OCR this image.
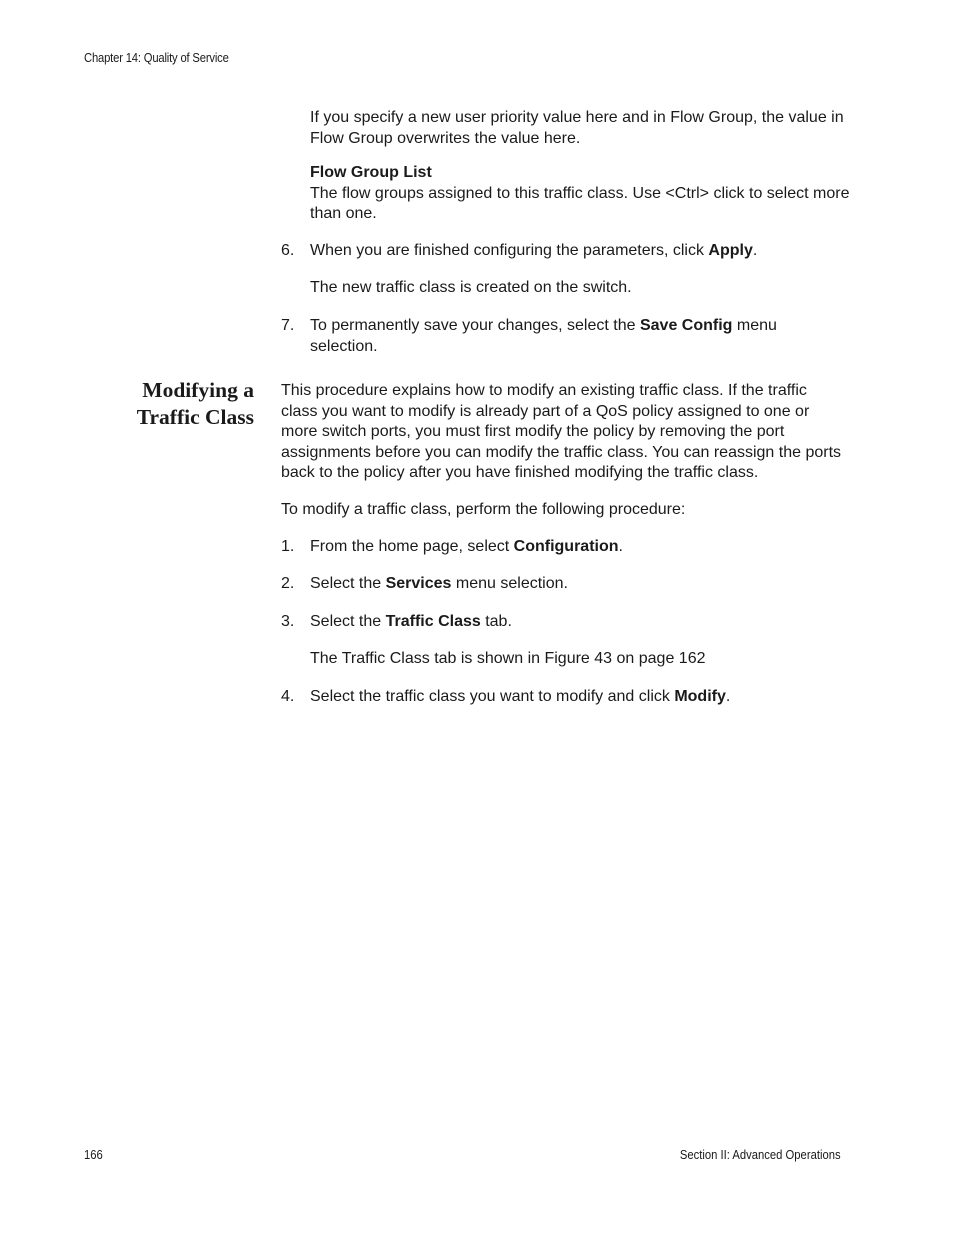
Chapter 14: Quality of Service
If you specify a new user priority value here and in Flow Group, the value in Flow Group overwrites the value here.
Flow Group List
The flow groups assigned to this traffic class. Use <Ctrl> click to select more than one.
6. When you are finished configuring the parameters, click Apply.
The new traffic class is created on the switch.
7. To permanently save your changes, select the Save Config menu selection.
Modifying a
Traffic Class
This procedure explains how to modify an existing traffic class. If the traffic class you want to modify is already part of a QoS policy assigned to one or more switch ports, you must first modify the policy by removing the port assignments before you can modify the traffic class. You can reassign the ports back to the policy after you have finished modifying the traffic class.
To modify a traffic class, perform the following procedure:
1. From the home page, select Configuration.
2. Select the Services menu selection.
3. Select the Traffic Class tab.
The Traffic Class tab is shown in Figure 43 on page 162
4. Select the traffic class you want to modify and click Modify.
166	Section II: Advanced Operations
